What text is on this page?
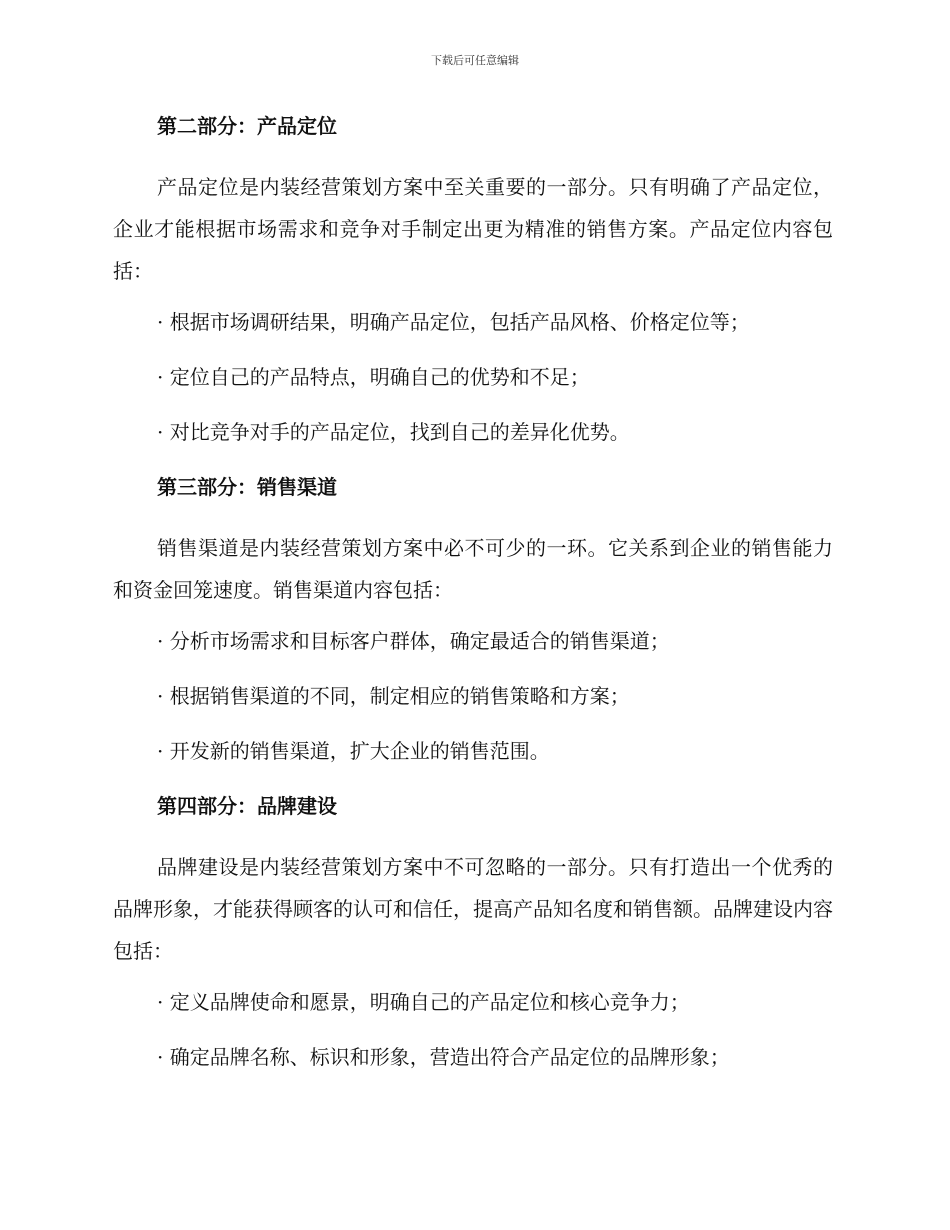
下载后可任意编辑
第二部分：产品定位

产品定位是内装经营策划方案中至关重要的一部分。只有明确了产品定位，企业才能根据市场需求和竞争对手制定出更为精准的销售方案。产品定位内容包括：

· 根据市场调研结果，明确产品定位，包括产品风格、价格定位等；
· 定位自己的产品特点，明确自己的优势和不足；
· 对比竞争对手的产品定位，找到自己的差异化优势。
第三部分：销售渠道

销售渠道是内装经营策划方案中必不可少的一环。它关系到企业的销售能力和资金回笼速度。销售渠道内容包括：

· 分析市场需求和目标客户群体，确定最适合的销售渠道；
· 根据销售渠道的不同，制定相应的销售策略和方案；
· 开发新的销售渠道，扩大企业的销售范围。
第四部分：品牌建设

品牌建设是内装经营策划方案中不可忽略的一部分。只有打造出一个优秀的品牌形象，才能获得顾客的认可和信任，提高产品知名度和销售额。品牌建设内容包括：

· 定义品牌使命和愿景，明确自己的产品定位和核心竞争力；
· 确定品牌名称、标识和形象，营造出符合产品定位的品牌形象；
